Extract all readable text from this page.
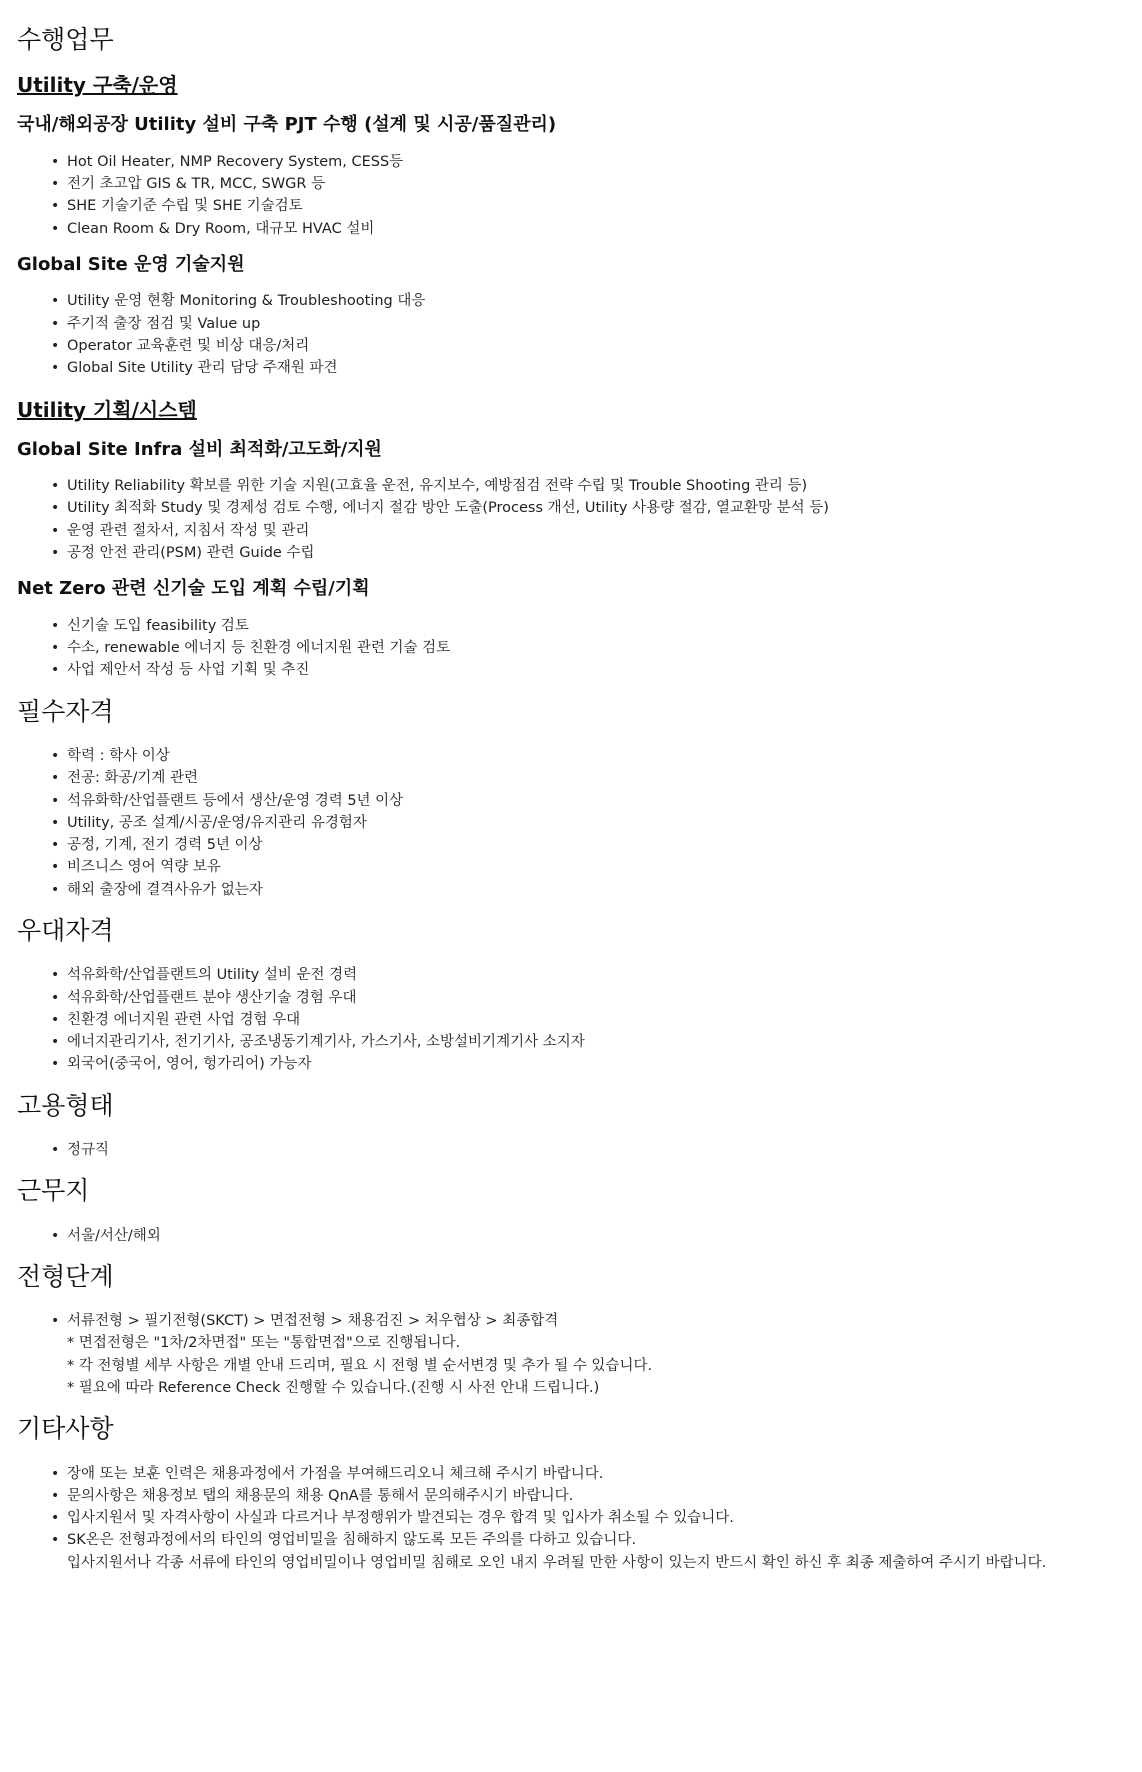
수행업무
Utility 구축/운영
국내/해외공장 Utility 설비 구축 PJT 수행 (설계 및 시공/품질관리)
• Hot Oil Heater, NMP Recovery System, CESS등
• 전기 초고압 GIS & TR, MCC, SWGR 등
• SHE 기술기준 수립 및 SHE 기술검토
• Clean Room & Dry Room, 대규모 HVAC 설비
Global Site 운영 기술지원
• Utility 운영 현황 Monitoring & Troubleshooting 대응
• 주기적 출장 점검 및 Value up
• Operator 교육훈련 및 비상 대응/처리
• Global Site Utility 관리 담당 주재원 파견
Utility 기획/시스템
Global Site Infra 설비 최적화/고도화/지원
• Utility Reliability 확보를 위한 기술 지원(고효율 운전, 유지보수, 예방점검 전략 수립 및 Trouble Shooting 관리 등)
• Utility 최적화 Study 및 경제성 검토 수행, 에너지 절감 방안 도출(Process 개선, Utility 사용량 절감, 열교환망 분석 등)
• 운영 관련 절차서, 지침서 작성 및 관리
• 공정 안전 관리(PSM) 관련 Guide 수립
Net Zero 관련 신기술 도입 계획 수립/기획
• 신기술 도입 feasibility 검토
• 수소, renewable 에너지 등 친환경 에너지원 관련 기술 검토
• 사업 제안서 작성 등 사업 기획 및 추진
필수자격
• 학력 : 학사 이상
• 전공: 화공/기계 관련
• 석유화학/산업플랜트 등에서 생산/운영 경력 5년 이상
• Utility, 공조 설계/시공/운영/유지관리 유경험자
• 공정, 기계, 전기 경력 5년 이상
• 비즈니스 영어 역량 보유
• 해외 출장에 결격사유가 없는자
우대자격
• 석유화학/산업플랜트의 Utility 설비 운전 경력
• 석유화학/산업플랜트 분야 생산기술 경험 우대
• 친환경 에너지원 관련 사업 경험 우대
• 에너지관리기사, 전기기사, 공조냉동기계기사, 가스기사, 소방설비기계기사 소지자
• 외국어(중국어, 영어, 헝가리어) 가능자
고용형태
• 정규직
근무지
• 서울/서산/해외
전형단계
• 서류전형 > 필기전형(SKCT) > 면접전형 > 채용검진 > 처우협상 > 최종합격
* 면접전형은 "1차/2차면접" 또는 "통합면접"으로 진행됩니다.
* 각 전형별 세부 사항은 개별 안내 드리며, 필요 시 전형 별 순서변경 및 추가 될 수 있습니다.
* 필요에 따라 Reference Check 진행할 수 있습니다.(진행 시 사전 안내 드립니다.)
기타사항
• 장애 또는 보훈 인력은 채용과정에서 가점을 부여해드리오니 체크해 주시기 바랍니다.
• 문의사항은 채용정보 탭의 채용문의 채용 QnA를 통해서 문의해주시기 바랍니다.
• 입사지원서 및 자격사항이 사실과 다르거나 부정행위가 발견되는 경우 합격 및 입사가 취소될 수 있습니다.
• SK온은 전형과정에서의 타인의 영업비밀을 침해하지 않도록 모든 주의를 다하고 있습니다.
입사지원서나 각종 서류에 타인의 영업비밀이나 영업비밀 침해로 오인 내지 우려될 만한 사항이 있는지 반드시 확인 하신 후 최종 제출하여 주시기 바랍니다.
